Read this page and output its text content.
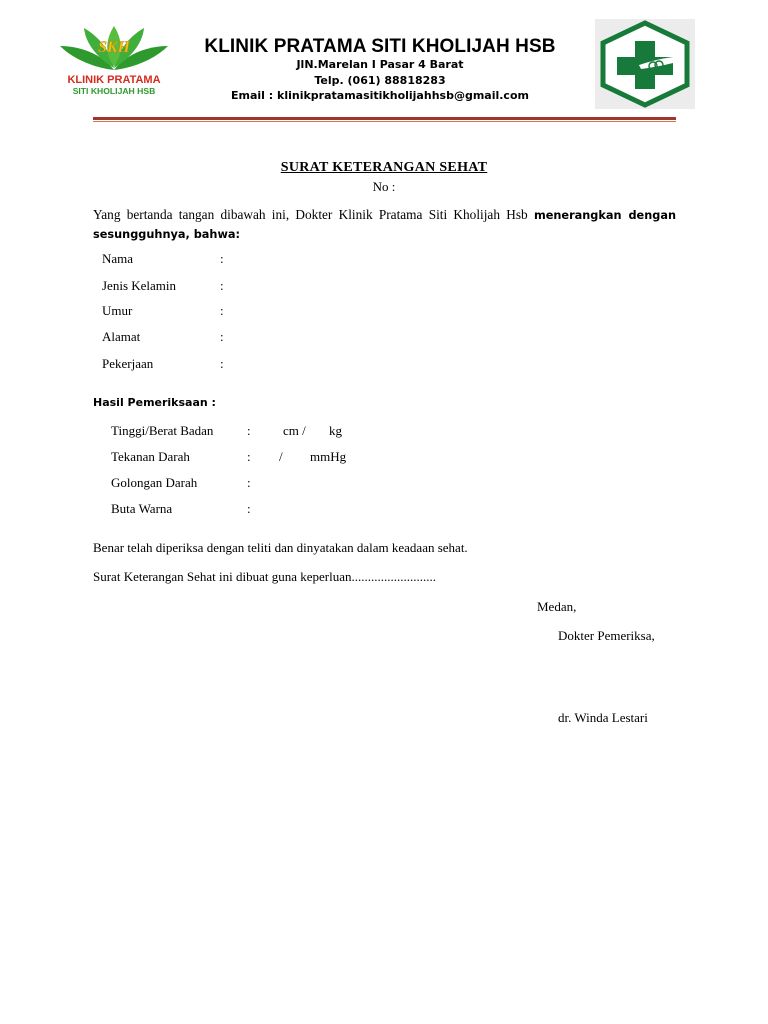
SKH
KLINIK PRATAMA
SITI KHOLIJAH HSB
KLINIK PRATAMA SITI KHOLIJAH HSB
JlN.Marelan I Pasar 4 Barat
Telp. (061) 88818283
Email : klinikpratamasitikholijahhsb@gmail.com
SURAT KETERANGAN SEHAT
No :
Yang bertanda tangan dibawah ini, Dokter Klinik Pratama Siti Kholijah Hsb menerangkan dengan sesungguhnya, bahwa:
Nama	:
Jenis Kelamin	:
Umur	:
Alamat	:
Pekerjaan	:
Hasil Pemeriksaan :
Tinggi/Berat Badan	: cm / kg
Tekanan Darah	: / mmHg
Golongan Darah	:
Buta Warna	:
Benar telah diperiksa dengan teliti dan dinyatakan dalam keadaan sehat.
Surat Keterangan Sehat ini dibuat guna keperluan..........................
Medan,
Dokter Pemeriksa,
dr. Winda Lestari
